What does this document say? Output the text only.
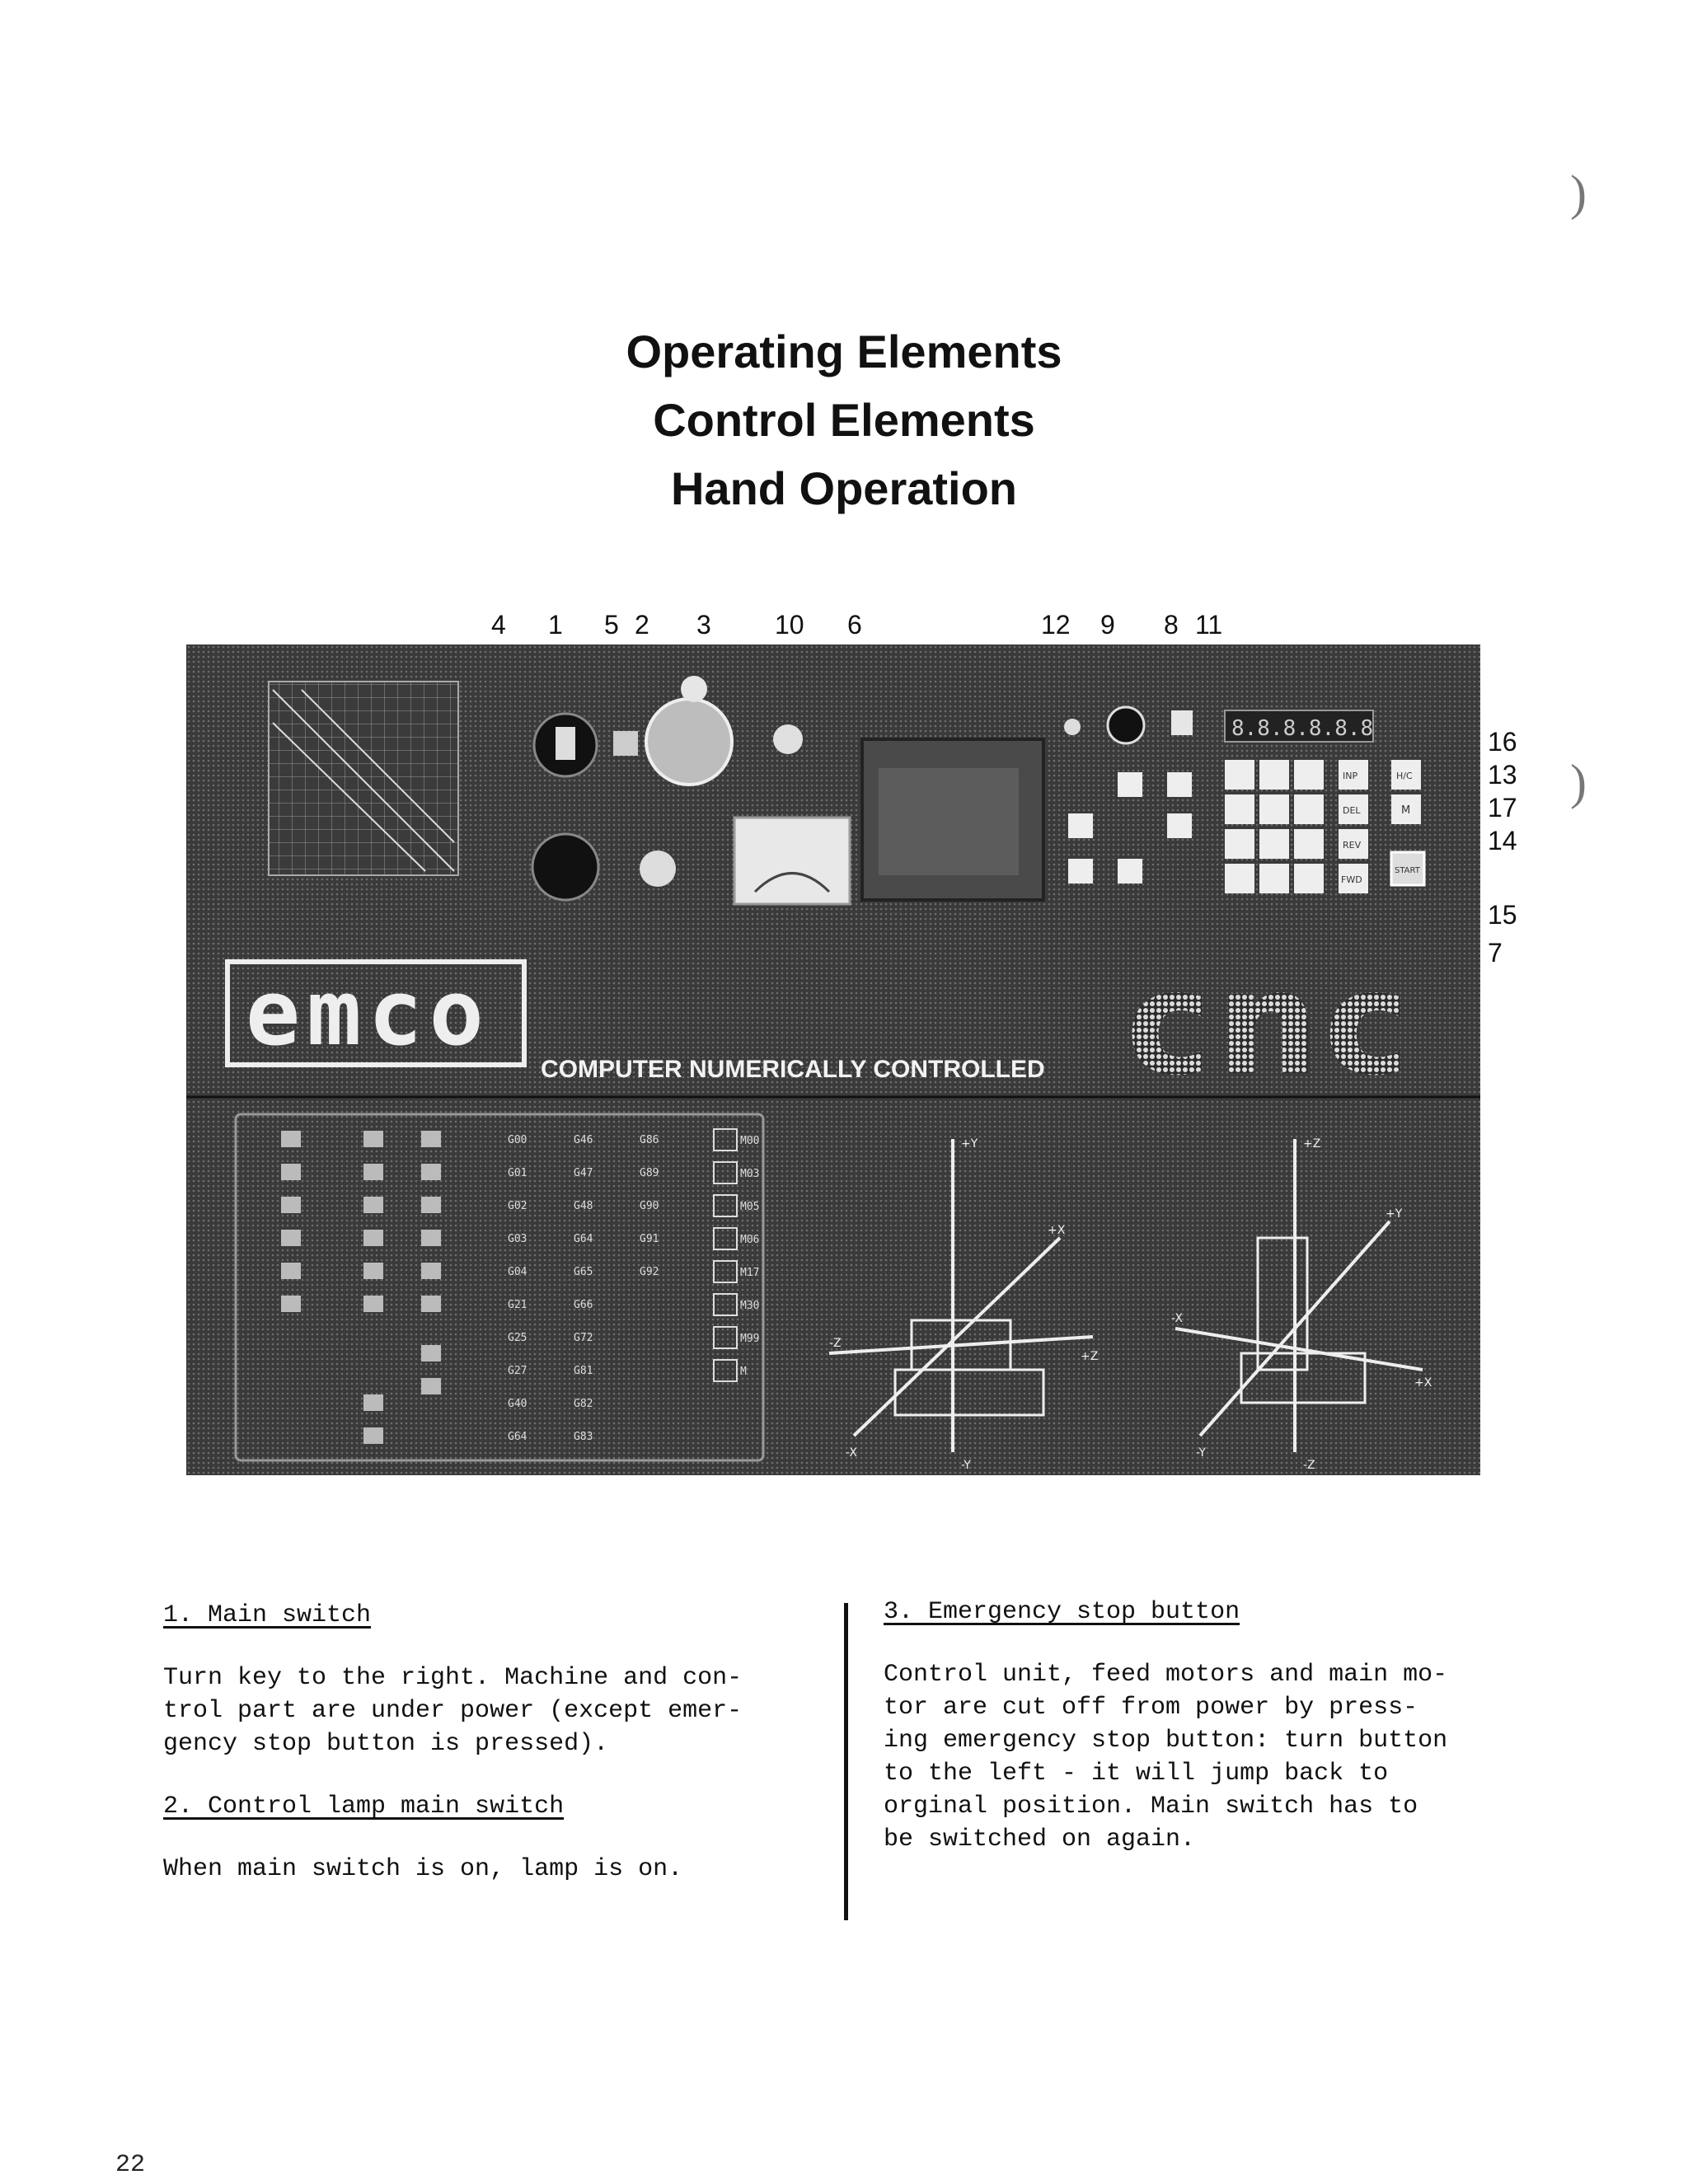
Operating Elements
Control Elements
Hand Operation
4 1 5 2 3 10 6	12 9 8 11
16
13
17
14
15
7
8.8.8.8.8.8
INP
DEL
REV
FWD
H/C
M
START
emco
COMPUTER NUMERICALLY CONTROLLED cnc
G00
G01
G02
G03
G04
G21
G25
G27
G40
G64
G46
G47
G48
G64
G65
G66
G72
G81
G82
G83
G86
G89
G90
G91
G92
M00
M03
M05
M06
M17
M30
M99
M
+Y
+X
-Z
+Z
-X
-Y
+Z
+Y
-X
+X
-Y
-Z

1. Main switch

Turn key to the right. Machine and con-
trol part are under power (except emer-
gency stop button is pressed).

2. Control lamp main switch

When main switch is on, lamp is on.

3. Emergency stop button

Control unit, feed motors and main mo-
tor are cut off from power by press-
ing emergency stop button: turn button
to the left - it will jump back to
orginal position. Main switch has to
be switched on again.

22
)
)
